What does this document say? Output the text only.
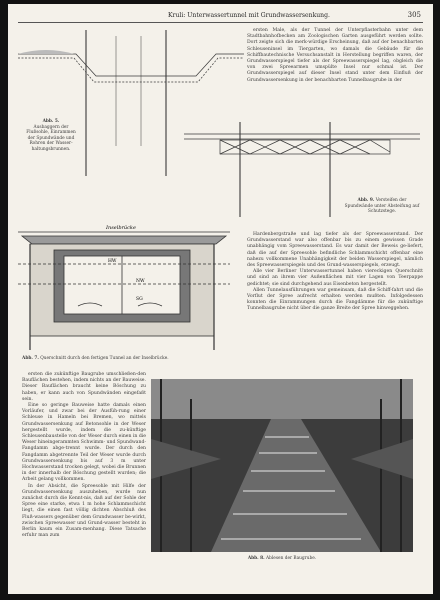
Kruli: Unterwassertunnel mit Grundwassersenkung.	305
Abb. 5.
Ausbaggern der Flußsohle, Einrammen der Spundwände und Rohren der Wasser-haltungsbrunnen.

ersten Male, als der Tunnel der Unterpflasterbahn unter dem Stadtbahnhofbecken am Zoologischen Garten ausgeführt werden sollte. Dort zeigte sich die merk-würdige Erscheinung, daß auf der benachbarten Schleuseninsel im Tiergarten, wo damals die Gebäude für die Schiffbautechnische Versuchsanstalt in Herstellung begriffen waren, der Grundwasserspiegel tiefer als der Spreewasserspiegel lag, obgleich die von zwei Spreearmen umspülte Insel nur schmal ist. Der Grundwasserspiegel auf dieser Insel stand unter dem Einfluß der Grundwassersenkung in der benachbarten Tunnelbaugrube in der

Abb. 9. Versteifen der Spundwände unter Absteifung auf Schutzstege.
Inselbrücke
HW
NW
SG
Abb. 7. Querschnitt durch den fertigen Tunnel an der Inselbrücke.

Hardenbergstraße und lag tiefer als der Spreewasserstand. Der Grundwasserstand war also offenbar bis zu einem gewissen Grade unabhängig vom Spreewasserstand. Es war damit der Beweis ge-liefert, daß die auf der Spreesohle befindliche Schlammschicht offenbar eine nahezu vollkommene Unabhängigkeit der beiden Wasserspiegel, nämlich des Spreewasserspiegels und des Grund-wasserspiegels, erzeugt.

Alle vier Berliner Unterwassertunnel haben viereckigen Querschnitt und sind an ihrem vier Außenflächen mit vier Lagen von Teerpappe gedichtet; sie sind durchgehend aus Eisenbeton hergestellt.

Allen Tunnelausführungen war gemeinsam, daß die Schiff-fahrt und die Vorflut der Spree aufrecht erhalten werden mußten. Infolgedessen konnten die Einrammungen durch die Fangdämme für die zukünftige Tunnelbaugrube nicht über die ganze Breite der Spree hinweggehen.

ersten die zukünftige Baugrube umschließen-den Bauflächen bestehen, indem nichts an der Bauweise. Dieser Bauflächen braucht keine Böschung zu haben, er kann auch von Spundwänden eingefaßt sein.

Eine so geringe Bauweise hatte damals einen Vorläufer, und zwar bei der Ausfüh-rung einer Schleuse in Hameln bei Bremen, wo mittels Grundwassersenkung auf Betonsohle in der Weser hergestellt wurde, indem die zu-künftige Schleusenbaustelle von der Weser durch einen in die Weser hineingerammten Schwimm- und Spundwand-Fangdamm abge-trennt wurde. Der durch den Fangdamm abgetrennte Teil der Weser wurde durch Grundwassersenkung bis auf 3 m unter Hochwasserstand trocken gelegt, wobei die Brunnen in der innerhalb der Böschung gestellt wurden; die Arbeit gelang vollkommen.

In der Absicht, die Spreesohle mit Hilfe der Grundwassersenkung auszuheben, wurde nun zunächst durch die Kennt-nis, daß auf der Sohle der Spree eine starke, etwa 1 m hohe Schlammschicht liegt, die einen fast völlig dichten Abschluß des Fluß-wassers gegenüber dem Grundwasser be-wirkt, zwischen Spreewasser und Grund-wasser besteht in Berlin kaum ein Zusam-menhang. Diese Tatsache erfuhr man zum

Abb. 8. Ablesen der Baugrube.
